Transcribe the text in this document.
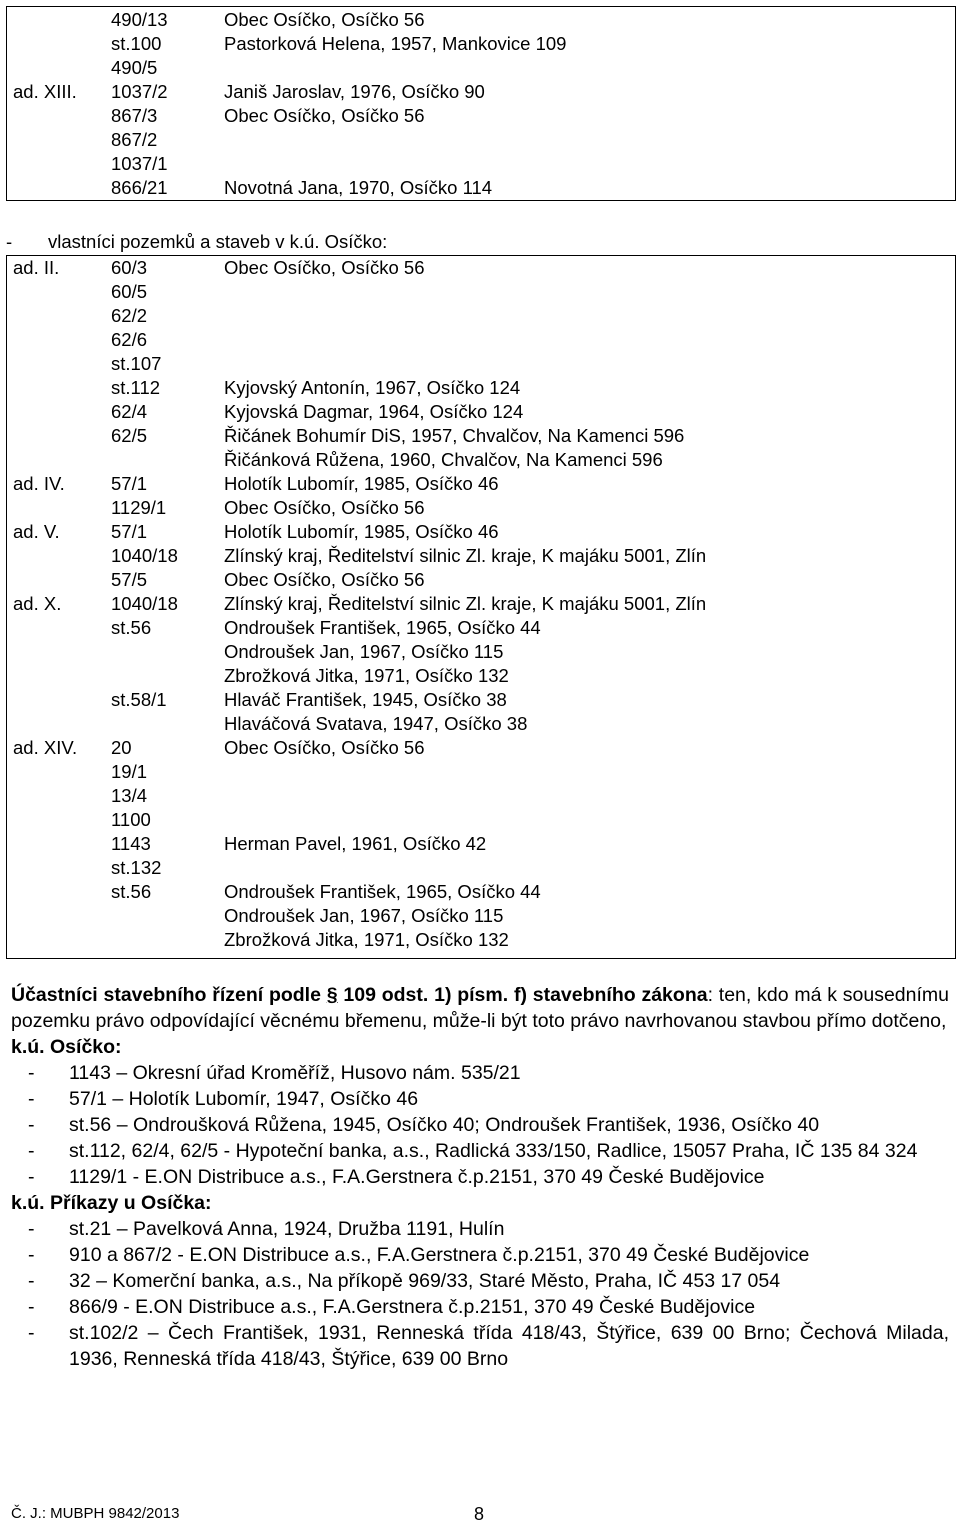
490/13	Obec Osíčko, Osíčko 56
st.100	Pastorková Helena, 1957, Mankovice 109
490/5
ad. XIII. 1037/2	Janiš Jaroslav, 1976, Osíčko 90
867/3	Obec Osíčko, Osíčko 56
867/2
1037/1
866/21	Novotná Jana, 1970, Osíčko 114
- vlastníci pozemků a staveb v k.ú. Osíčko:
ad. II.	60/3	Obec Osíčko, Osíčko 56
60/5
62/2
62/6
st.107
st.112	Kyjovský Antonín, 1967, Osíčko 124
62/4	Kyjovská Dagmar, 1964, Osíčko 124
62/5	Řičánek Bohumír DiS, 1957, Chvalčov, Na Kamenci 596
Řičánková Růžena, 1960, Chvalčov, Na Kamenci 596
ad. IV. 57/1	Holotík Lubomír, 1985, Osíčko 46
1129/1	Obec Osíčko, Osíčko 56
ad. V.	57/1	Holotík Lubomír, 1985, Osíčko 46
1040/18 Zlínský kraj, Ředitelství silnic Zl. kraje, K majáku 5001, Zlín
57/5	Obec Osíčko, Osíčko 56
ad. X.	1040/18 Zlínský kraj, Ředitelství silnic Zl. kraje, K majáku 5001, Zlín
st.56	Ondroušek František, 1965, Osíčko 44
Ondroušek Jan, 1967, Osíčko 115
Zbrožková Jitka, 1971, Osíčko 132
st.58/1	Hlaváč František, 1945, Osíčko 38
Hlaváčová Svatava, 1947, Osíčko 38
ad. XIV. 20	Obec Osíčko, Osíčko 56
19/1
13/4
1100
1143	Herman Pavel, 1961, Osíčko 42
st.132
st.56	Ondroušek František, 1965, Osíčko 44
Ondroušek Jan, 1967, Osíčko 115
Zbrožková Jitka, 1971, Osíčko 132

Účastníci stavebního řízení podle § 109 odst. 1) písm. f) stavebního zákona: ten, kdo má k sousednímu pozemku právo odpovídající věcnému břemenu, může-li být toto právo navrhovanou stavbou přímo dotčeno,

k.ú. Osíčko:

- 1143 – Okresní úřad Kroměříž, Husovo nám. 535/21
- 57/1 – Holotík Lubomír, 1947, Osíčko 46
- st.56 – Ondroušková Růžena, 1945, Osíčko 40; Ondroušek František, 1936, Osíčko 40
- st.112, 62/4, 62/5 - Hypoteční banka, a.s., Radlická 333/150, Radlice, 15057 Praha, IČ 135 84 324
- 1129/1 - E.ON Distribuce a.s., F.A.Gerstnera č.p.2151, 370 49 České Budějovice

k.ú. Příkazy u Osíčka:

- st.21 – Pavelková Anna, 1924, Družba 1191, Hulín
- 910 a 867/2 - E.ON Distribuce a.s., F.A.Gerstnera č.p.2151, 370 49 České Budějovice
- 32 – Komerční banka, a.s., Na příkopě 969/33, Staré Město, Praha, IČ 453 17 054
- 866/9 - E.ON Distribuce a.s., F.A.Gerstnera č.p.2151, 370 49 České Budějovice
- st.102/2 – Čech František, 1931, Renneská třída 418/43, Štýřice, 639 00 Brno; Čechová Milada, 1936, Renneská třída 418/43, Štýřice, 639 00 Brno
Č. J.: MUBPH 9842/2013	8
